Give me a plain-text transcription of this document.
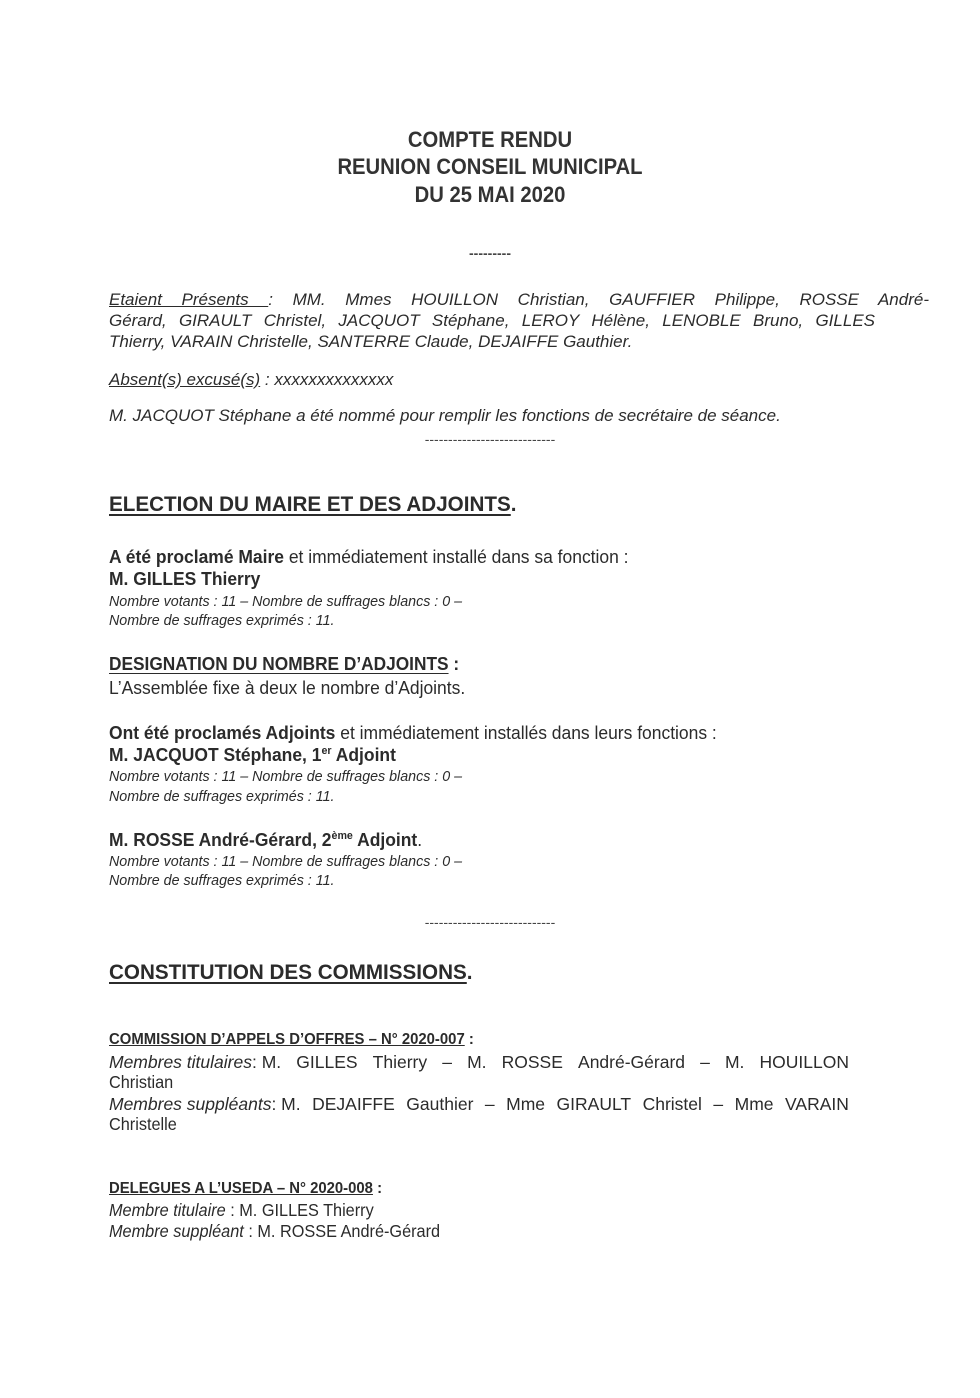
COMPTE RENDU
REUNION CONSEIL MUNICIPAL
DU 25 MAI 2020
---------
Etaient Présents : MM. Mmes HOUILLON Christian, GAUFFIER Philippe, ROSSE André-
Gérard, GIRAULT Christel, JACQUOT Stéphane, LEROY Hélène, LENOBLE Bruno, GILLES
Thierry, VARAIN Christelle, SANTERRE Claude, DEJAIFFE Gauthier.
Absent(s) excusé(s) : xxxxxxxxxxxxxx
M. JACQUOT Stéphane a été nommé pour remplir les fonctions de secrétaire de séance.
----------------------------
ELECTION DU MAIRE ET DES ADJOINTS.
A été proclamé Maire et immédiatement installé dans sa fonction :
M. GILLES Thierry
Nombre votants : 11 – Nombre de suffrages blancs : 0 –
Nombre de suffrages exprimés : 11.
DESIGNATION DU NOMBRE D’ADJOINTS :
L’Assemblée fixe à deux le nombre d’Adjoints.
Ont été proclamés Adjoints et immédiatement installés dans leurs fonctions :
M. JACQUOT Stéphane, 1er Adjoint
Nombre votants : 11 – Nombre de suffrages blancs : 0 –
Nombre de suffrages exprimés : 11.
M. ROSSE André-Gérard, 2ème Adjoint.
Nombre votants : 11 – Nombre de suffrages blancs : 0 –
Nombre de suffrages exprimés : 11.
----------------------------
CONSTITUTION DES COMMISSIONS.
COMMISSION D’APPELS D’OFFRES – N° 2020-007 :
Membres titulaires: M. GILLES Thierry – M. ROSSE André-Gérard – M. HOUILLON
Christian
Membres suppléants: M. DEJAIFFE Gauthier – Mme GIRAULT Christel – Mme VARAIN
Christelle
DELEGUES A L’USEDA – N° 2020-008 :
Membre titulaire : M. GILLES Thierry
Membre suppléant : M. ROSSE André-Gérard
